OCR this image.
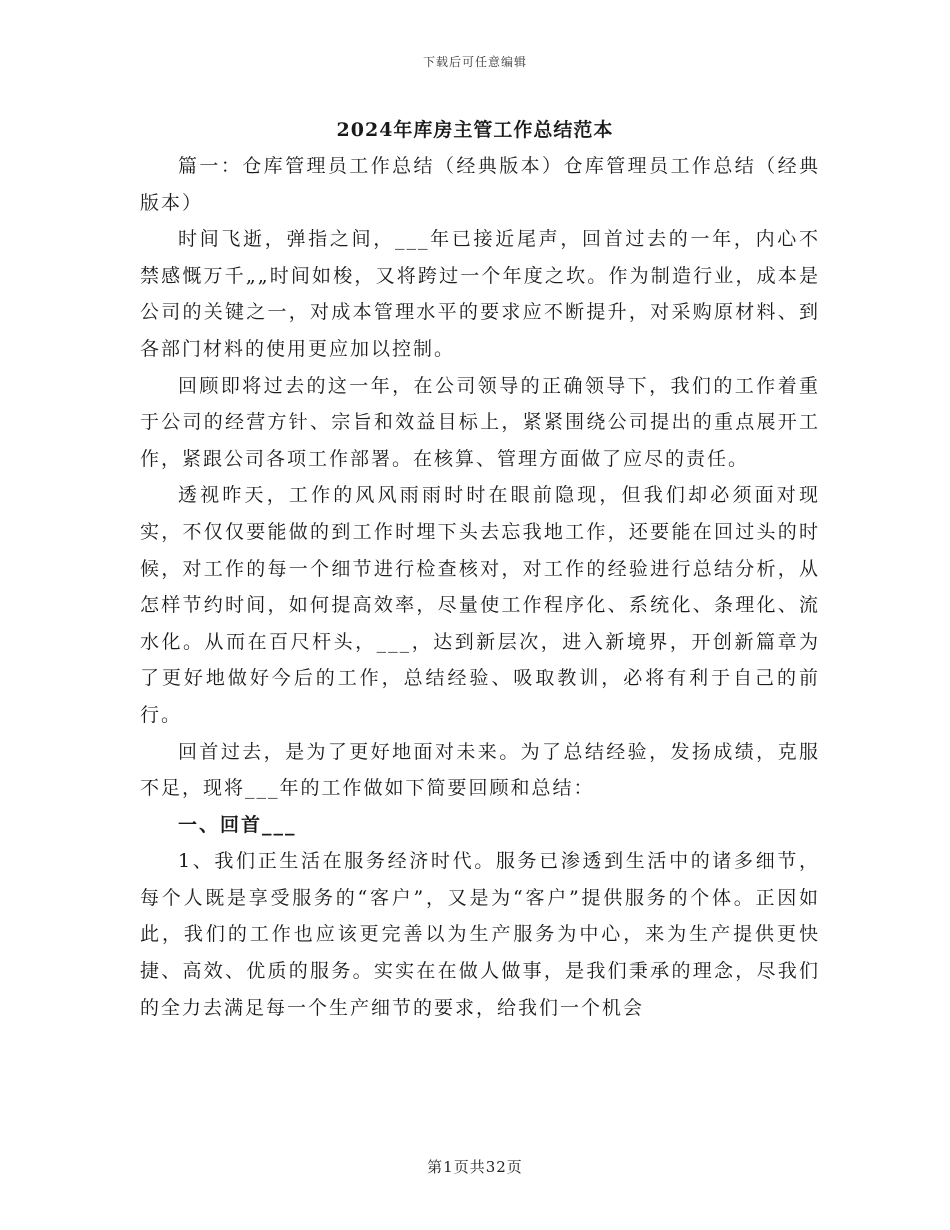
下载后可任意编辑
2024年库房主管工作总结范本

篇一：仓库管理员工作总结（经典版本）仓库管理员工作总结（经典版本）

时间飞逝，弹指之间，___年已接近尾声，回首过去的一年，内心不禁感慨万千„„时间如梭，又将跨过一个年度之坎。作为制造行业，成本是公司的关键之一，对成本管理水平的要求应不断提升，对采购原材料、到各部门材料的使用更应加以控制。

回顾即将过去的这一年，在公司领导的正确领导下，我们的工作着重于公司的经营方针、宗旨和效益目标上，紧紧围绕公司提出的重点展开工作，紧跟公司各项工作部署。在核算、管理方面做了应尽的责任。

透视昨天，工作的风风雨雨时时在眼前隐现，但我们却必须面对现实，不仅仅要能做的到工作时埋下头去忘我地工作，还要能在回过头的时候，对工作的每一个细节进行检查核对，对工作的经验进行总结分析，从怎样节约时间，如何提高效率，尽量使工作程序化、系统化、条理化、流水化。从而在百尺杆头，___，达到新层次，进入新境界，开创新篇章为了更好地做好今后的工作，总结经验、吸取教训，必将有利于自己的前行。

回首过去，是为了更好地面对未来。为了总结经验，发扬成绩，克服不足，现将___年的工作做如下简要回顾和总结：

一、回首___

1、我们正生活在服务经济时代。服务已渗透到生活中的诸多细节，每个人既是享受服务的“客户”，又是为“客户”提供服务的个体。正因如此，我们的工作也应该更完善以为生产服务为中心，来为生产提供更快捷、高效、优质的服务。实实在在做人做事，是我们秉承的理念，尽我们的全力去满足每一个生产细节的要求，给我们一个机会

第1页共32页
